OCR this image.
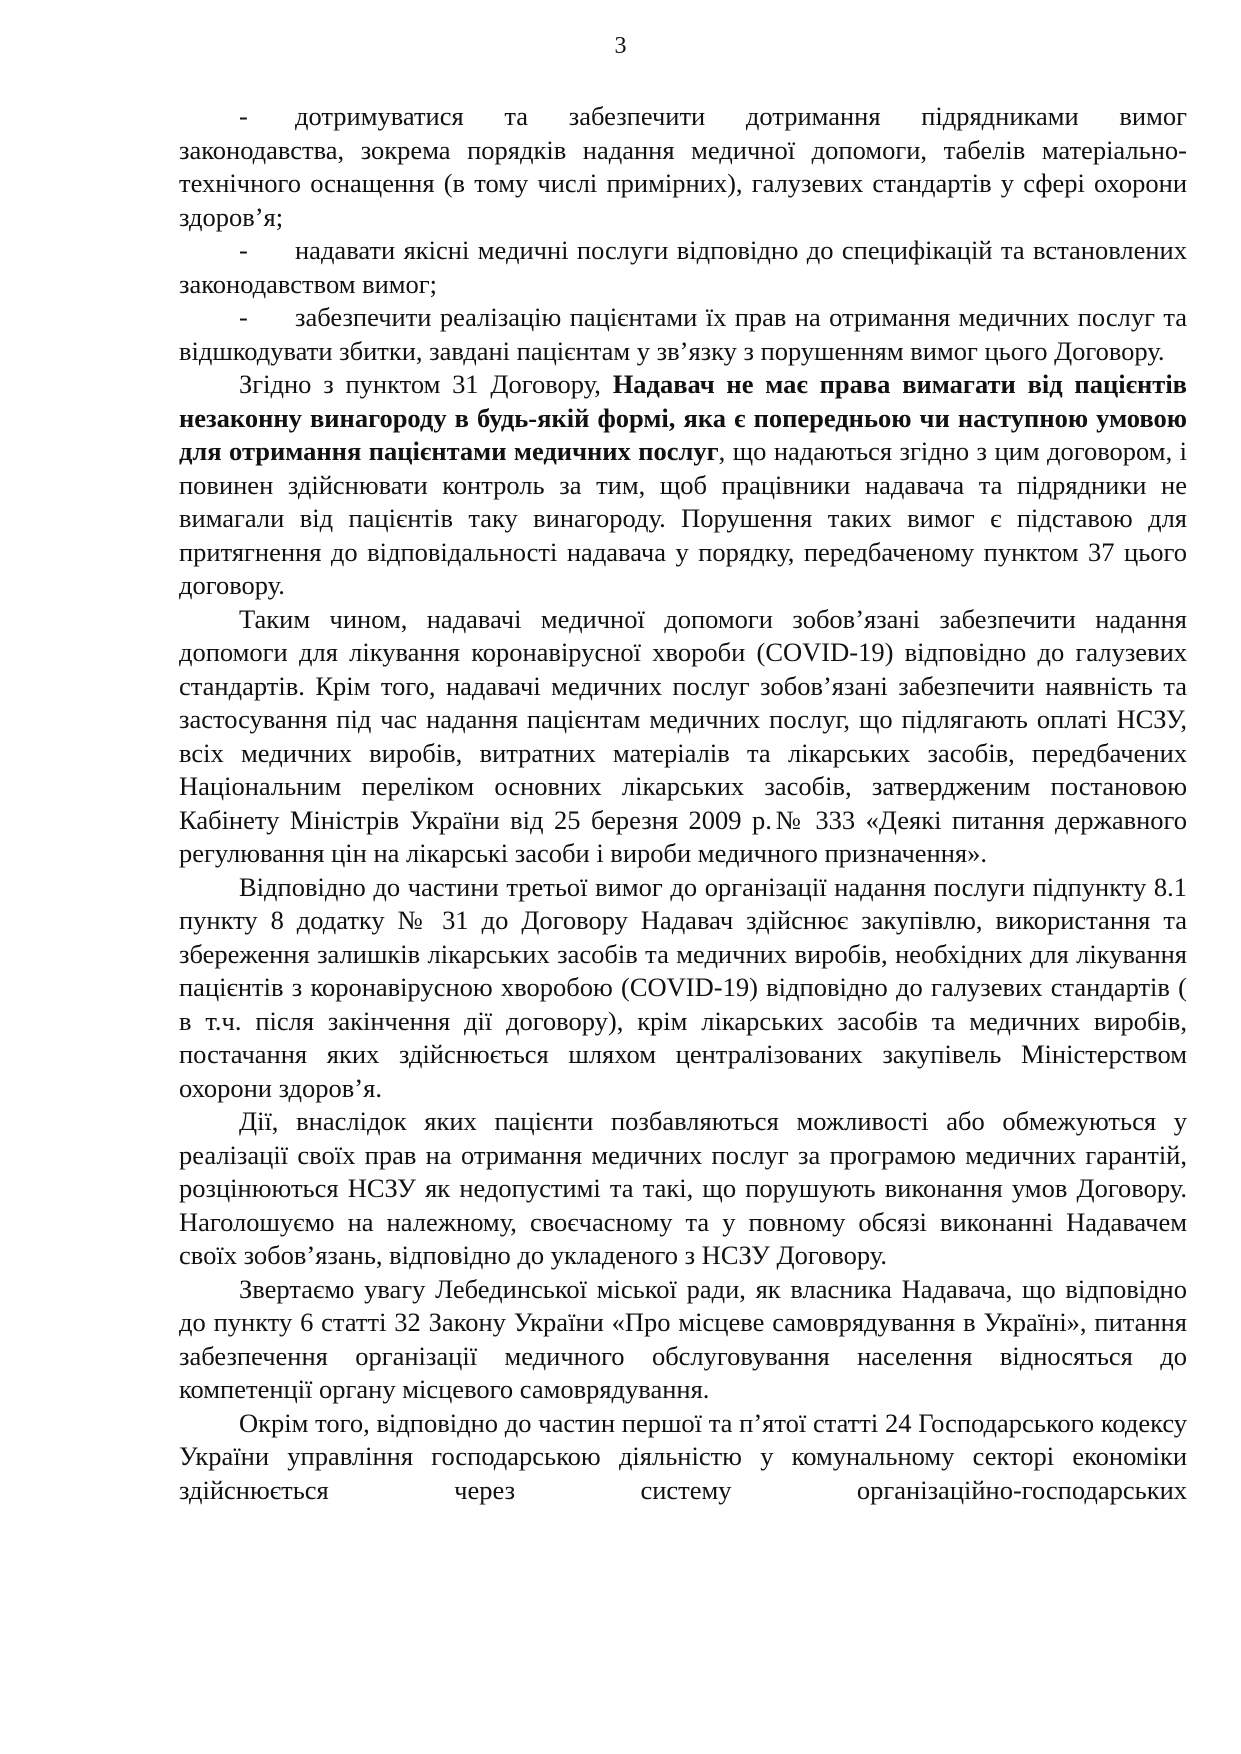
3

- дотримуватися та забезпечити дотримання підрядниками вимог законодавства, зокрема порядків надання медичної допомоги, табелів матеріально-технічного оснащення (в тому числі примірних), галузевих стандартів у сфері охорони здоров’я;

- надавати якісні медичні послуги відповідно до специфікацій та встановлених законодавством вимог;

- забезпечити реалізацію пацієнтами їх прав на отримання медичних послуг та відшкодувати збитки, завдані пацієнтам у зв’язку з порушенням вимог цього Договору.

Згідно з пунктом 31 Договору, Надавач не має права вимагати від пацієнтів незаконну винагороду в будь-якій формі, яка є попередньою чи наступною умовою для отримання пацієнтами медичних послуг, що надаються згідно з цим договором, і повинен здійснювати контроль за тим, щоб працівники надавача та підрядники не вимагали від пацієнтів таку винагороду. Порушення таких вимог є підставою для притягнення до відповідальності надавача у порядку, передбаченому пунктом 37 цього договору.

Таким чином, надавачі медичної допомоги зобов’язані забезпечити надання допомоги для лікування коронавірусної хвороби (COVID-19) відповідно до галузевих стандартів. Крім того, надавачі медичних послуг зобов’язані забезпечити наявність та застосування під час надання пацієнтам медичних послуг, що підлягають оплаті НСЗУ, всіх медичних виробів, витратних матеріалів та лікарських засобів, передбачених Національним переліком основних лікарських засобів, затвердженим постановою Кабінету Міністрів України від 25 березня 2009 р.№ 333 «Деякі питання державного регулювання цін на лікарські засоби і вироби медичного призначення».

Відповідно до частини третьої вимог до організації надання послуги підпункту 8.1 пункту 8 додатку № 31 до Договору Надавач здійснює закупівлю, використання та збереження залишків лікарських засобів та медичних виробів, необхідних для лікування пацієнтів з коронавірусною хворобою (COVID-19) відповідно до галузевих стандартів ( в т.ч. після закінчення дії договору), крім лікарських засобів та медичних виробів, постачання яких здійснюється шляхом централізованих закупівель Міністерством охорони здоров’я.

Дії, внаслідок яких пацієнти позбавляються можливості або обмежуються у реалізації своїх прав на отримання медичних послуг за програмою медичних гарантій, розцінюються НСЗУ як недопустимі та такі, що порушують виконання умов Договору. Наголошуємо на належному, своєчасному та у повному обсязі виконанні Надавачем своїх зобов’язань, відповідно до укладеного з НСЗУ Договору.

Звертаємо увагу Лебединської міської ради, як власника Надавача, що відповідно до пункту 6 статті 32 Закону України «Про місцеве самоврядування в Україні», питання забезпечення організації медичного обслуговування населення відносяться до компетенції органу місцевого самоврядування.

Окрім того, відповідно до частин першої та п’ятої статті 24 Господарського кодексу України управління господарською діяльністю у комунальному секторі економіки здійснюється через систему організаційно-господарських
